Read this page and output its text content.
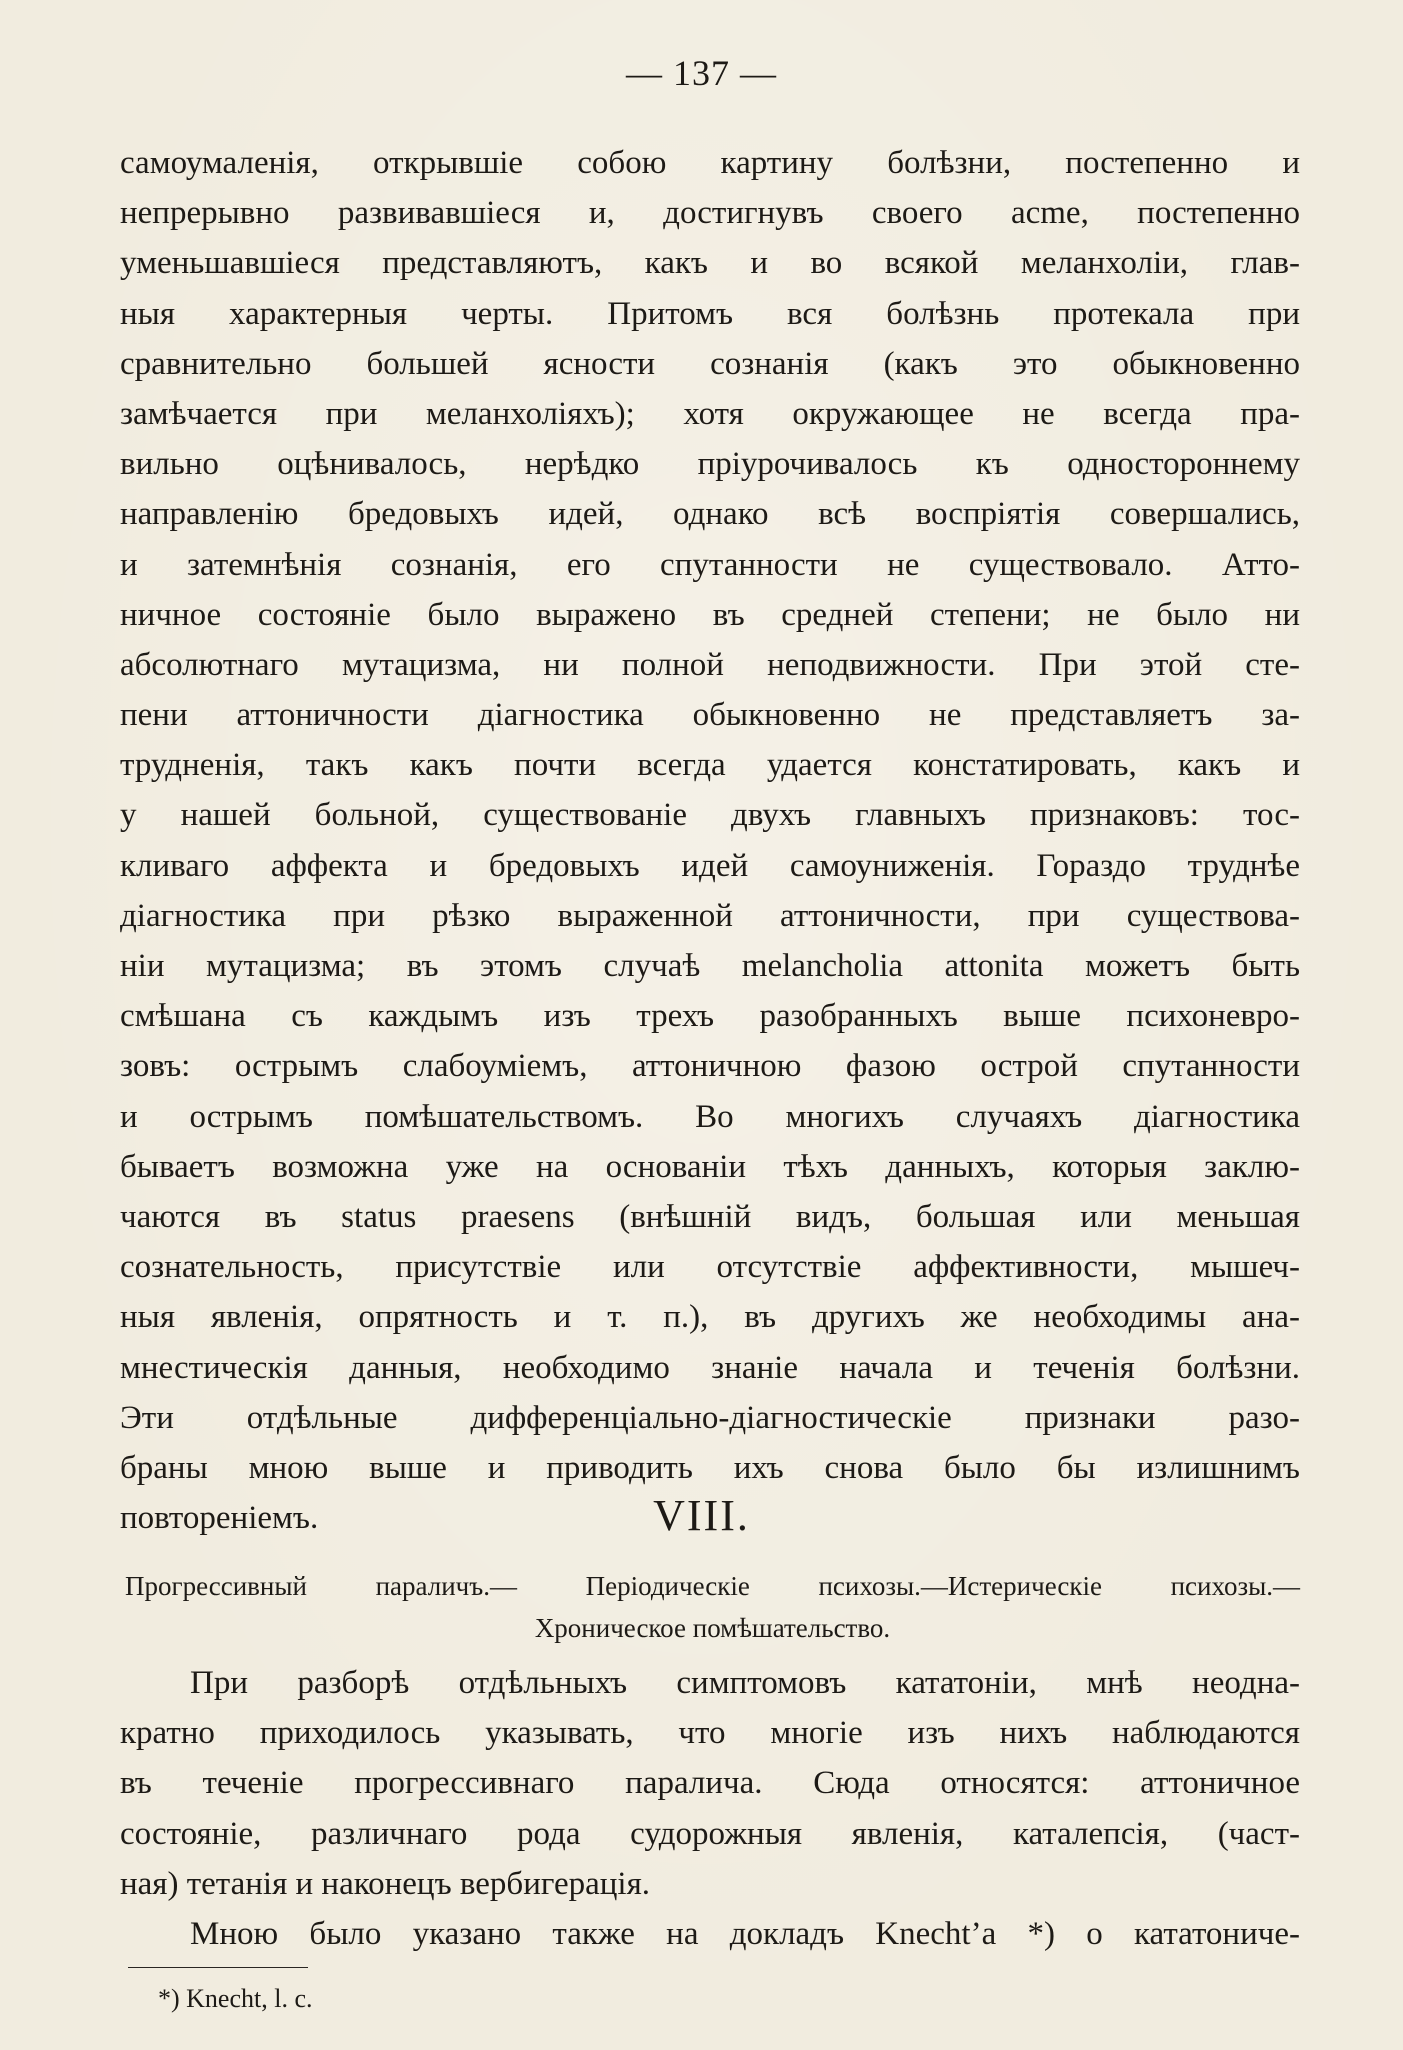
— 137 —
самоумаленія, открывшіе собою картину болѣзни, постепенно и
непрерывно развивавшіеся и, достигнувъ своего acme, постепенно
уменьшавшіеся представляютъ, какъ и во всякой меланхоліи, глав-
ныя характерныя черты. Притомъ вся болѣзнь протекала при
сравнительно большей ясности сознанія (какъ это обыкновенно
замѣчается при меланхоліяхъ); хотя окружающее не всегда пра-
вильно оцѣнивалось, нерѣдко пріурочивалось къ одностороннему
направленію бредовыхъ идей, однако всѣ воспріятія совершались,
и затемнѣнія сознанія, его спутанности не существовало. Атто-
ничное состояніе было выражено въ средней степени; не было ни
абсолютнаго мутацизма, ни полной неподвижности. При этой сте-
пени аттоничности діагностика обыкновенно не представляетъ за-
трудненія, такъ какъ почти всегда удается констатировать, какъ и
у нашей больной, существованіе двухъ главныхъ признаковъ: тос-
кливаго аффекта и бредовыхъ идей самоуниженія. Гораздо труднѣе
діагностика при рѣзко выраженной аттоничности, при существова-
ніи мутацизма; въ этомъ случаѣ melancholia attonita можетъ быть
смѣшана съ каждымъ изъ трехъ разобранныхъ выше психоневро-
зовъ: острымъ слабоуміемъ, аттоничною фазою острой спутанности
и острымъ помѣшательствомъ. Во многихъ случаяхъ діагностика
бываетъ возможна уже на основаніи тѣхъ данныхъ, которыя заклю-
чаются въ status praesens (внѣшній видъ, большая или меньшая
сознательность, присутствіе или отсутствіе аффективности, мышеч-
ныя явленія, опрятность и т. п.), въ другихъ же необходимы ана-
мнестическія данныя, необходимо знаніе начала и теченія болѣзни.
Эти отдѣльные дифференціально-діагностическіе признаки разо-
браны мною выше и приводить ихъ снова было бы излишнимъ
повтореніемъ.	VIII.
Прогрессивный параличъ.— Періодическіе психозы.—Истерическіе психозы.—
Хроническое помѣшательство.
При разборѣ отдѣльныхъ симптомовъ кататоніи, мнѣ неодна-
кратно приходилось указывать, что многіе изъ нихъ наблюдаются
въ теченіе прогрессивнаго паралича. Сюда относятся: аттоничное
состояніе, различнаго рода судорожныя явленія, каталепсія, (част-
ная) тетанія и наконецъ вербигерація.
Мною было указано также на докладъ Knecht’a *) о кататониче-
*) Knecht, l. c.
